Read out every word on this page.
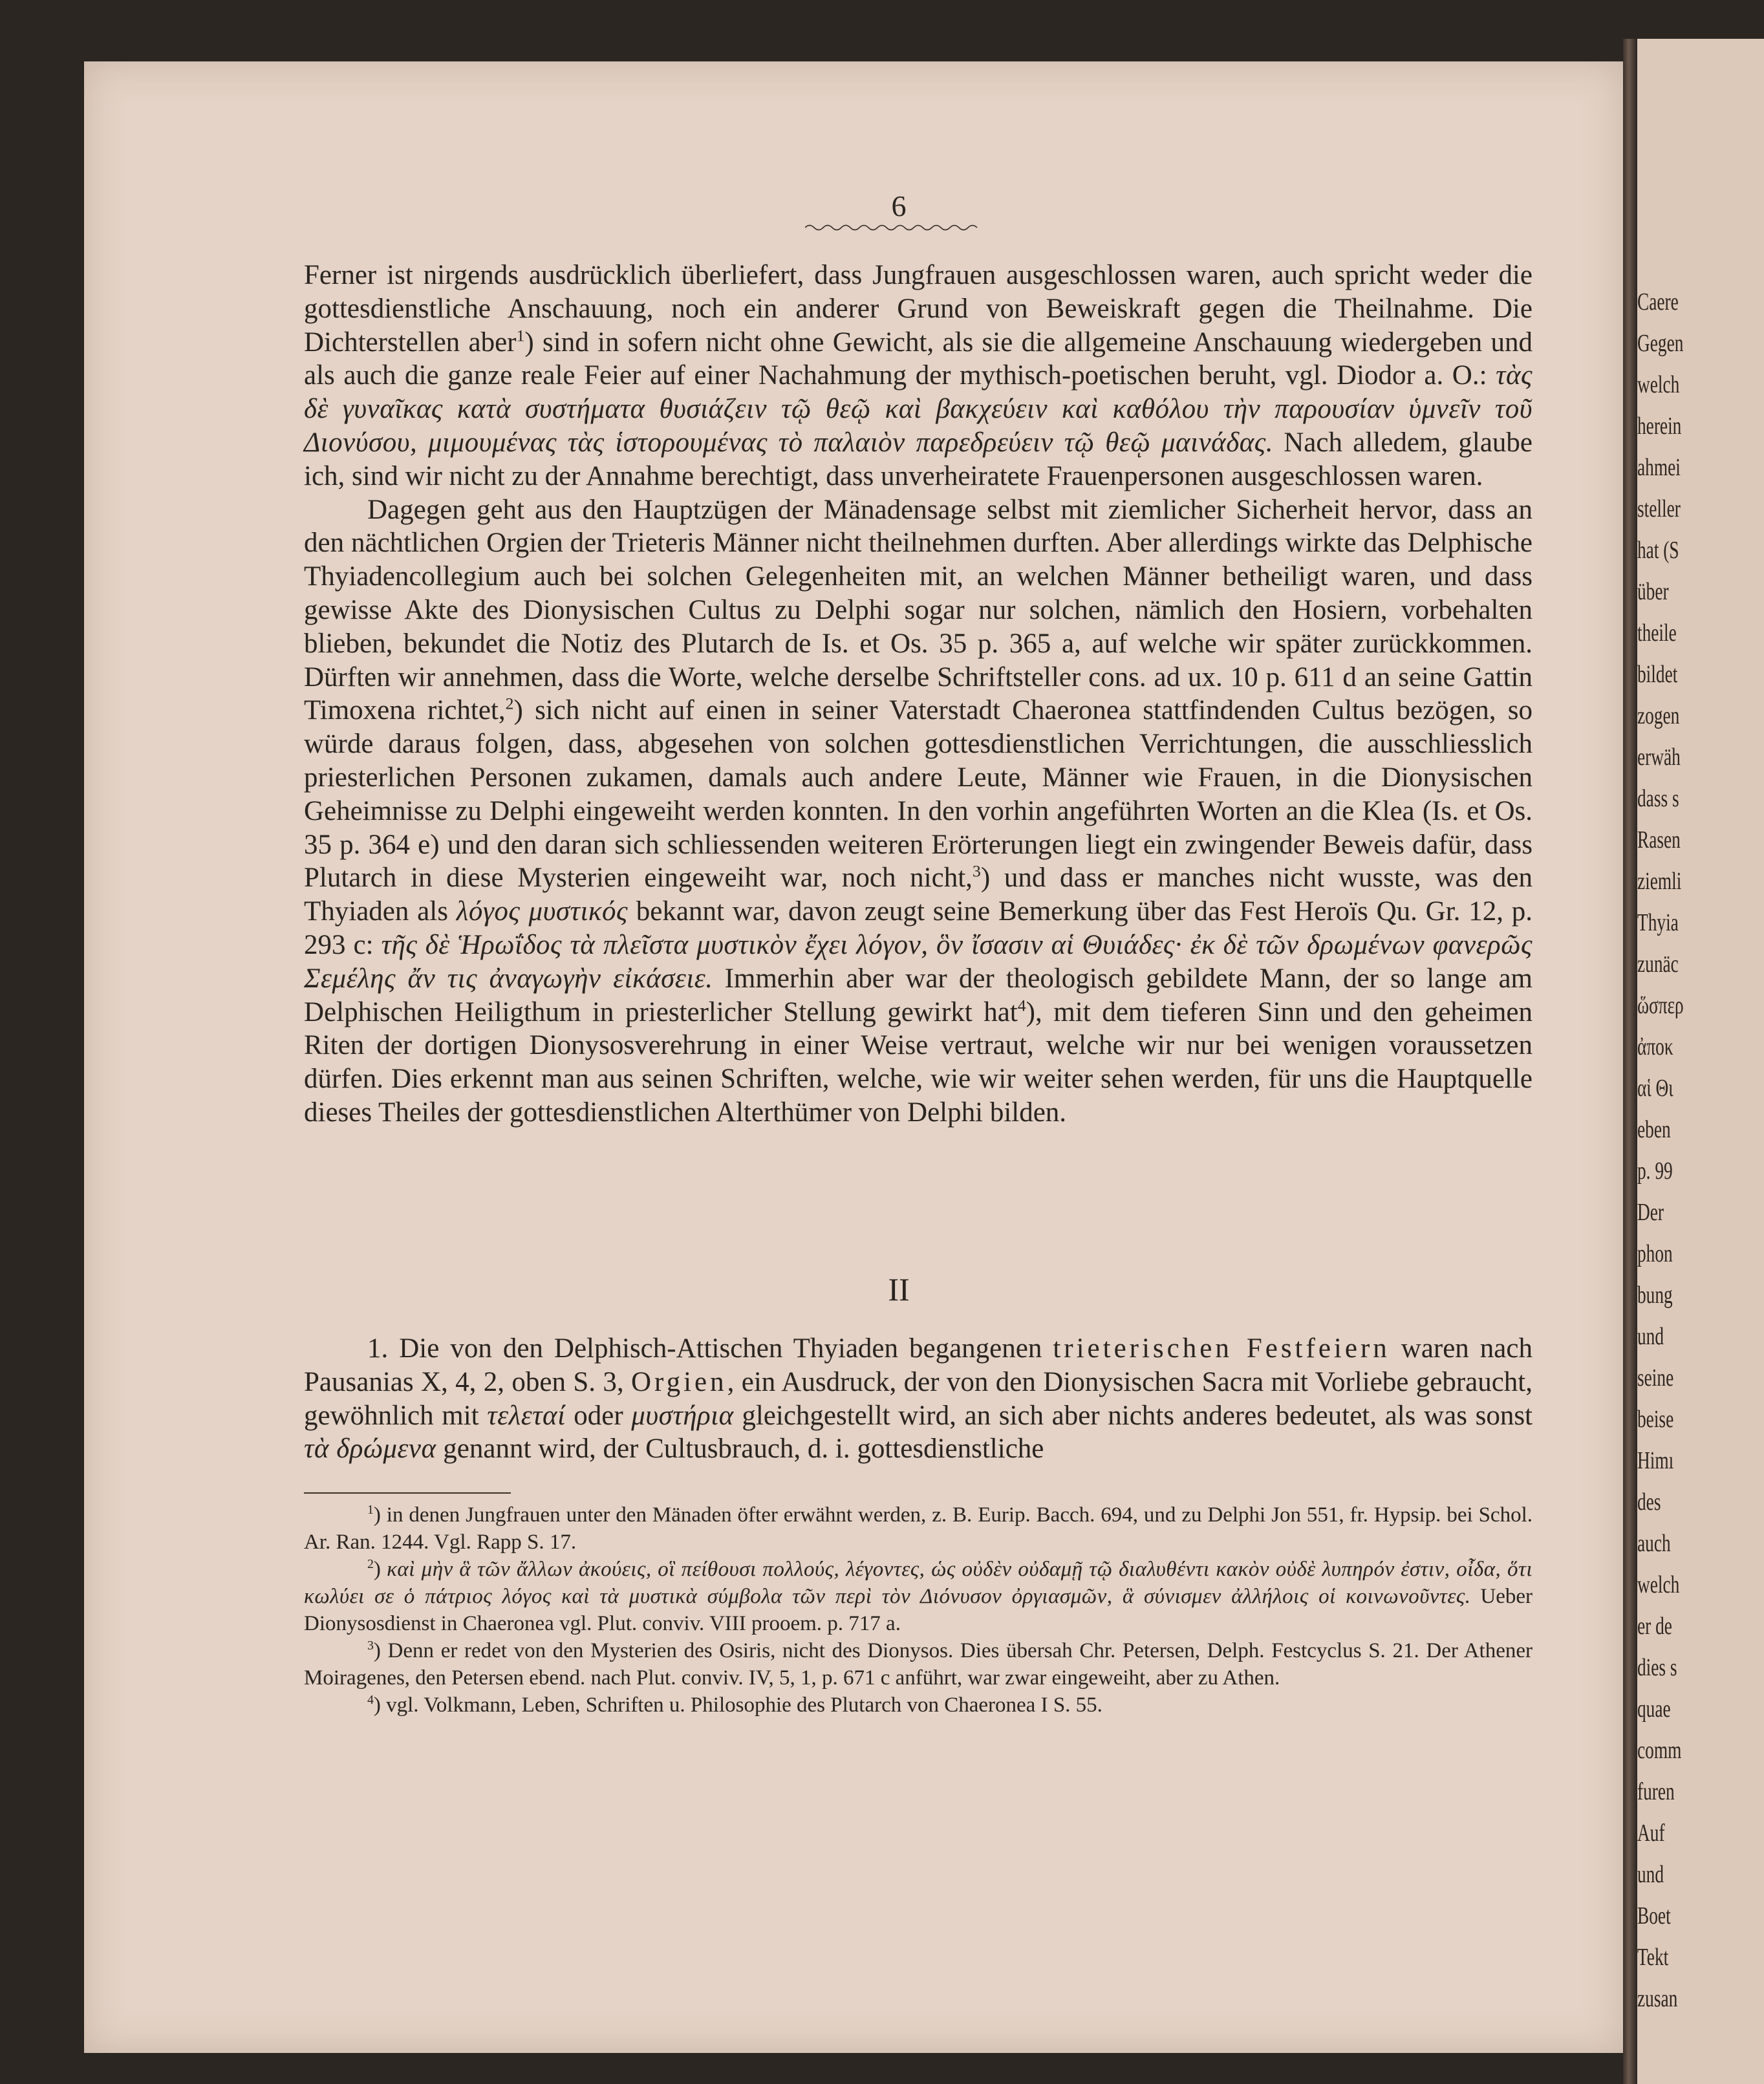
Caere
Gegen
welch
herein
ahmei
steller
hat (S
über
theile
bildet
zogen
erwäh
dass s
Rasen
ziemli
Thyia
zunäc
ὥσπερ
ἀποκ
αἱ Θι
eben
p. 99
Der
phon
bung
und
seine
beise
Himı
des
auch
welch
er de
dies s
quae
comm
furen
Auf
und
Boet
Tekt
zusan
6

Ferner ist nirgends ausdrücklich überliefert, dass Jungfrauen ausgeschlossen waren, auch spricht weder die gottesdienstliche Anschauung, noch ein anderer Grund von Beweiskraft gegen die Theilnahme. Die Dichterstellen aber$^1$) sind in sofern nicht ohne Gewicht, als sie die allgemeine Anschauung wiedergeben und als auch die ganze reale Feier auf einer Nachahmung der mythisch-poetischen beruht, vgl. Diodor a. O.: τὰς δὲ γυναῖκας κατὰ συστήματα θυσιάζειν τῷ θεῷ καὶ βακχεύειν καὶ καθόλου τὴν παρουσίαν ὑμνεῖν τοῦ Διονύσου, μιμουμένας τὰς ἱστορουμένας τὸ παλαιὸν παρεδρεύειν τῷ θεῷ μαινάδας. Nach alledem, glaube ich, sind wir nicht zu der Annahme berechtigt, dass unverheiratete Frauenpersonen ausgeschlossen waren.

Dagegen geht aus den Hauptzügen der Mänadensage selbst mit ziemlicher Sicherheit hervor, dass an den nächtlichen Orgien der Trieteris Männer nicht theilnehmen durften. Aber allerdings wirkte das Delphische Thyiadencollegium auch bei solchen Gelegenheiten mit, an welchen Männer betheiligt waren, und dass gewisse Akte des Dionysischen Cultus zu Delphi sogar nur solchen, nämlich den Hosiern, vorbehalten blieben, bekundet die Notiz des Plutarch de Is. et Os. 35 p. 365 a, auf welche wir später zurückkommen. Dürften wir annehmen, dass die Worte, welche derselbe Schriftsteller cons. ad ux. 10 p. 611 d an seine Gattin Timoxena richtet,$^2$) sich nicht auf einen in seiner Vaterstadt Chaeronea stattfindenden Cultus bezögen, so würde daraus folgen, dass, abgesehen von solchen gottesdienstlichen Verrichtungen, die ausschliesslich priesterlichen Personen zukamen, damals auch andere Leute, Männer wie Frauen, in die Dionysischen Geheimnisse zu Delphi eingeweiht werden konnten. In den vorhin angeführten Worten an die Klea (Is. et Os. 35 p. 364 e) und den daran sich schliessenden weiteren Erörterungen liegt ein zwingender Beweis dafür, dass Plutarch in diese Mysterien eingeweiht war, noch nicht,$^3$) und dass er manches nicht wusste, was den Thyiaden als λόγος μυστικός bekannt war, davon zeugt seine Bemerkung über das Fest Heroïs Qu. Gr. 12, p. 293 c: τῆς δὲ Ἡρωΐδος τὰ πλεῖστα μυστικὸν ἔχει λόγον, ὃν ἴσασιν αἱ Θυιάδες· ἐκ δὲ τῶν δρωμένων φανερῶς Σεμέλης ἄν τις ἀναγωγὴν εἰκάσειε. Immerhin aber war der theologisch gebildete Mann, der so lange am Delphischen Heiligthum in priesterlicher Stellung gewirkt hat$^4$), mit dem tieferen Sinn und den geheimen Riten der dortigen Dionysosverehrung in einer Weise vertraut, welche wir nur bei wenigen voraussetzen dürfen. Dies erkennt man aus seinen Schriften, welche, wie wir weiter sehen werden, für uns die Hauptquelle dieses Theiles der gottesdienstlichen Alterthümer von Delphi bilden.

II

1. Die von den Delphisch-Attischen Thyiaden begangenen trieterischen Festfeiern waren nach Pausanias X, 4, 2, oben S. 3, Orgien, ein Ausdruck, der von den Dionysischen Sacra mit Vorliebe gebraucht, gewöhnlich mit τελεταί oder μυστήρια gleichgestellt wird, an sich aber nichts anderes bedeutet, als was sonst τὰ δρώμενα genannt wird, der Cultusbrauch, d. i. gottesdienstliche

$^1$) in denen Jungfrauen unter den Mänaden öfter erwähnt werden, z. B. Eurip. Bacch. 694, und zu Delphi Jon 551, fr. Hypsip. bei Schol. Ar. Ran. 1244. Vgl. Rapp S. 17.

$^2$) καὶ μὴν ἃ τῶν ἄλλων ἀκούεις, οἳ πείθουσι πολλούς, λέγοντες, ὡς οὐδὲν οὐδαμῇ τῷ διαλυθέντι κακὸν οὐδὲ λυπηρόν ἐστιν, οἶδα, ὅτι κωλύει σε ὁ πάτριος λόγος καὶ τὰ μυστικὰ σύμβολα τῶν περὶ τὸν Διόνυσον ὀργιασμῶν, ἃ σύνισμεν ἀλλήλοις οἱ κοινωνοῦντες. Ueber Dionysosdienst in Chaeronea vgl. Plut. conviv. VIII prooem. p. 717 a.

$^3$) Denn er redet von den Mysterien des Osiris, nicht des Dionysos. Dies übersah Chr. Petersen, Delph. Festcyclus S. 21. Der Athener Moiragenes, den Petersen ebend. nach Plut. conviv. IV, 5, 1, p. 671 c anführt, war zwar eingeweiht, aber zu Athen.

$^4$) vgl. Volkmann, Leben, Schriften u. Philosophie des Plutarch von Chaeronea I S. 55.
